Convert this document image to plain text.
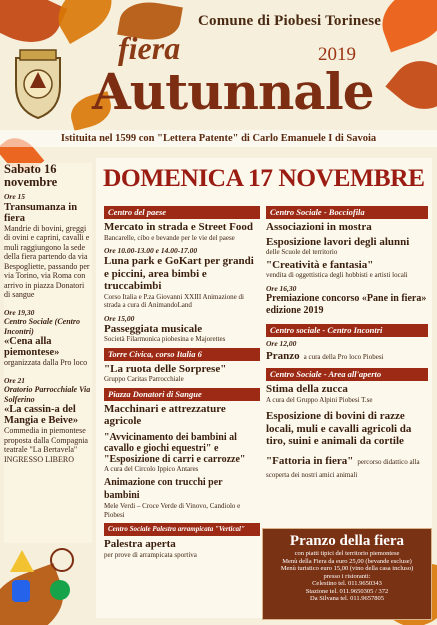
Comune di Piobesi Torinese
fiera	2019
Autunnale
Istituita nel 1599 con "Lettera Patente" di Carlo Emanuele I di Savoia
Sabato 16 novembre
Ore 15
Transumanza in fiera
Mandrie di bovini, greggi di ovini e caprini, cavalli e muli raggiungono la sede della fiera partendo da via Bespogliette, passando per via Torino, via Roma con arrivo in piazza Donatori di sangue
Ore 19,30
Centro Sociale (Centro Incontri)
«Cena alla piemontese»
organizzata dalla Pro loco
Ore 21
Oratorio Parrocchiale Via Solferino
«La cassin-a del Mangia e Beive»
Commedia in piemontese proposta dalla Compagnia teatrale "La Bertavela" INGRESSO LIBERO
DOMENICA 17 NOVEMBRE
Centro del paese
Mercato in strada e Street Food
Bancarelle, cibo e bevande per le vie del paese
Ore 10.00-13.00 e 14.00-17.00
Luna park e GoKart per grandi e piccini, area bimbi e truccabimbi
Corso Italia e P.za Giovanni XXIII Animazione di strada a cura di AnimandoLand
Ore 15,00
Passeggiata musicale
Società Filarmonica piobesina e Majorettes
Torre Civica, corso Italia 6
"La ruota delle Sorprese"
Gruppo Caritas Parrocchiale
Piazza Donatori di Sangue
Macchinari e attrezzature agricole
"Avvicinamento dei bambini al cavallo e giochi equestri" e "Esposizione di carri e carrozze"
A cura del Circolo Ippico Antares
Animazione con trucchi per bambini
Mele Verdi – Croce Verde di Vinovo, Candiolo e Piobesi
Centro Sociale Palestra arrampicata "Vertical"
Palestra aperta
per prove di arrampicata sportiva
Centro Sociale - Bocciofila
Associazioni in mostra
Esposizione lavori degli alunni
delle Scuole del territorio
"Creatività e fantasia"
vendita di oggettistica degli hobbisti e artisti locali
Ore 16,30
Premiazione concorso «Pane in fiera» edizione 2019
Centro sociale - Centro Incontri
Ore 12,00
Pranzo a cura della Pro loco Piobesi
Centro Sociale - Area all'aperto
Stima della zucca
A cura del Gruppo Alpini Piobesi T.se
Esposizione di bovini di razze locali, muli e cavalli agricoli da tiro, suini e animali da cortile
"Fattoria in fiera" percorso didattico alla scoperta dei nostri amici animali
Pranzo della fiera
con piatti tipici del territorio piemontese
Menù della Fiera da euro 25,00 (bevande escluse)
Menù turistico euro 15,00 (vino della casa incluso)
presso i ristoranti:
Celestino tel. 011.9650343
Stazione tel. 011.9650305 / 372
Da Silvana tel. 011.9657805
